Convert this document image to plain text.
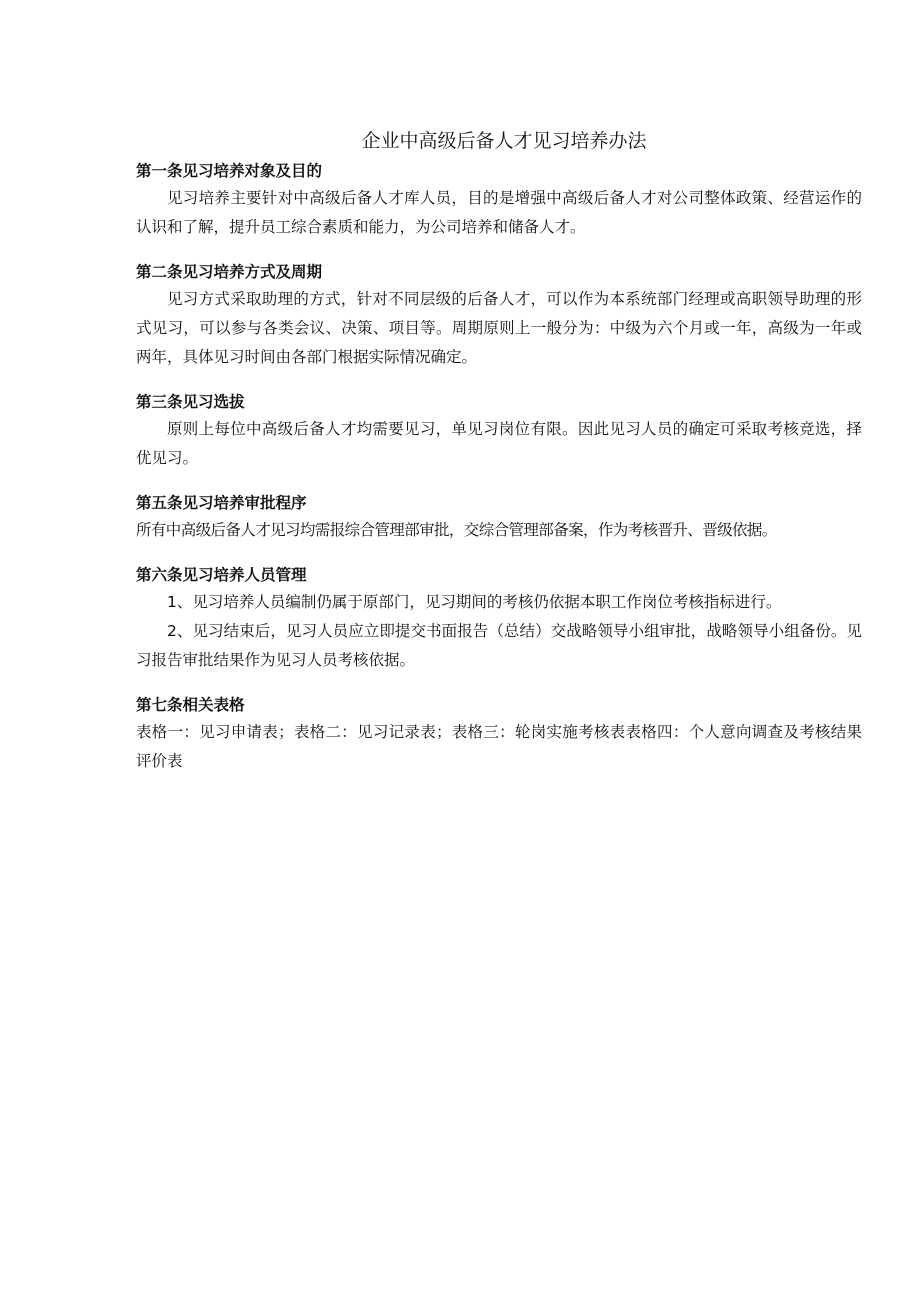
企业中高级后备人才见习培养办法

第一条见习培养对象及目的

见习培养主要针对中高级后备人才库人员，目的是增强中高级后备人才对公司整体政策、经营运作的认识和了解，提升员工综合素质和能力，为公司培养和储备人才。

第二条见习培养方式及周期

见习方式采取助理的方式，针对不同层级的后备人才，可以作为本系统部门经理或高职领导助理的形式见习，可以参与各类会议、决策、项目等。周期原则上一般分为：中级为六个月或一年，高级为一年或两年，具体见习时间由各部门根据实际情况确定。

第三条见习选拔

原则上每位中高级后备人才均需要见习，单见习岗位有限。因此见习人员的确定可采取考核竞选，择优见习。

第五条见习培养审批程序

所有中高级后备人才见习均需报综合管理部审批，交综合管理部备案，作为考核晋升、晋级依据。

第六条见习培养人员管理

1、见习培养人员编制仍属于原部门，见习期间的考核仍依据本职工作岗位考核指标进行。

2、见习结束后，见习人员应立即提交书面报告（总结）交战略领导小组审批，战略领导小组备份。见习报告审批结果作为见习人员考核依据。

第七条相关表格

表格一：见习申请表；表格二：见习记录表；表格三：轮岗实施考核表表格四：个人意向调查及考核结果评价表
